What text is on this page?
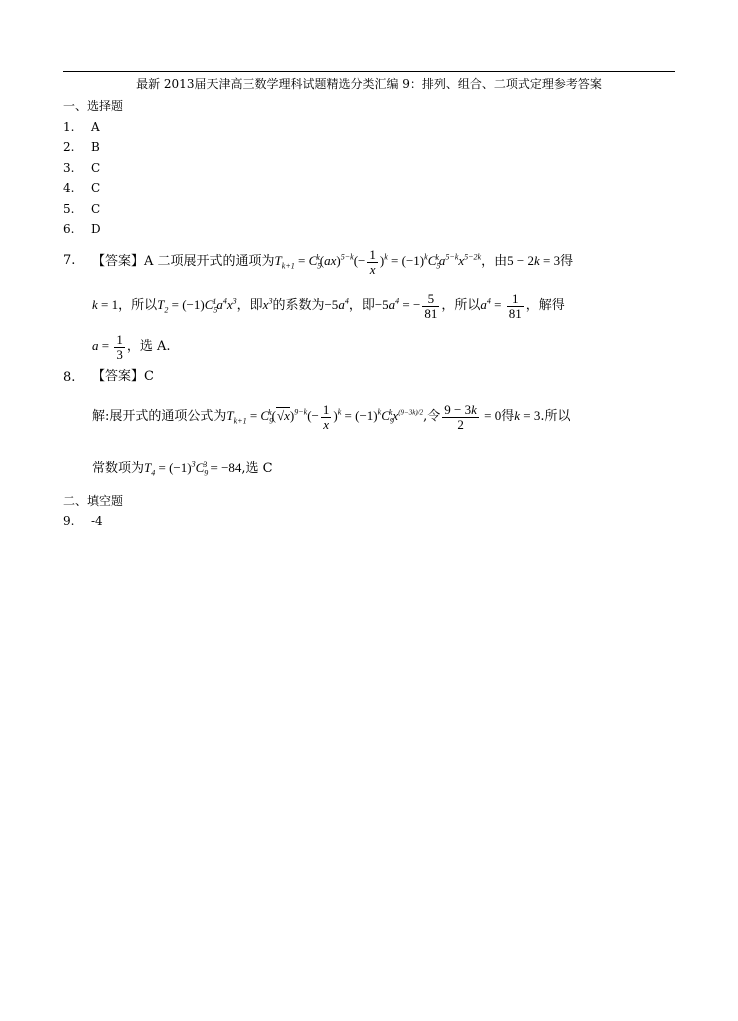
最新 2013届天津高三数学理科试题精选分类汇编 9：排列、组合、二项式定理参考答案
一、选择题
1. A
2. B
3. C
4. C
5. C
6. D
7. 【答案】A 二项展开式的通项为$T_{k+1} = C_5^k(ax)^{5-k}(- \frac{1}{x} )^k = (-1)^kC_5^ka^{5-k}x^{5-2k}$，由5 − 2k = 3得
k = 1，所以$T_2 = (-1)C_5^1a^4x^3$，即$x^3$的系数为$-5a^4$，即$-5a^4$ = − $\frac{5}{81}$ ，所以$a^4 = \frac{1}{81}$ ，解得
$a = \frac{1}{3}$ ，选 A.
8. 【答案】C
解:展开式的通项公式为$T_{k+1} = C_9^k(√x)^{9-k}(- \frac{1}{x} )^k = (-1)^kC_9^kx^{(9-3k)/2}$,令 $\frac{9 - 3k}{2} = 0$得k = 3.所以
常数项为$T_4 = (-1)^3C_9^3 = -84$,选 C
二、填空题
9. -4
